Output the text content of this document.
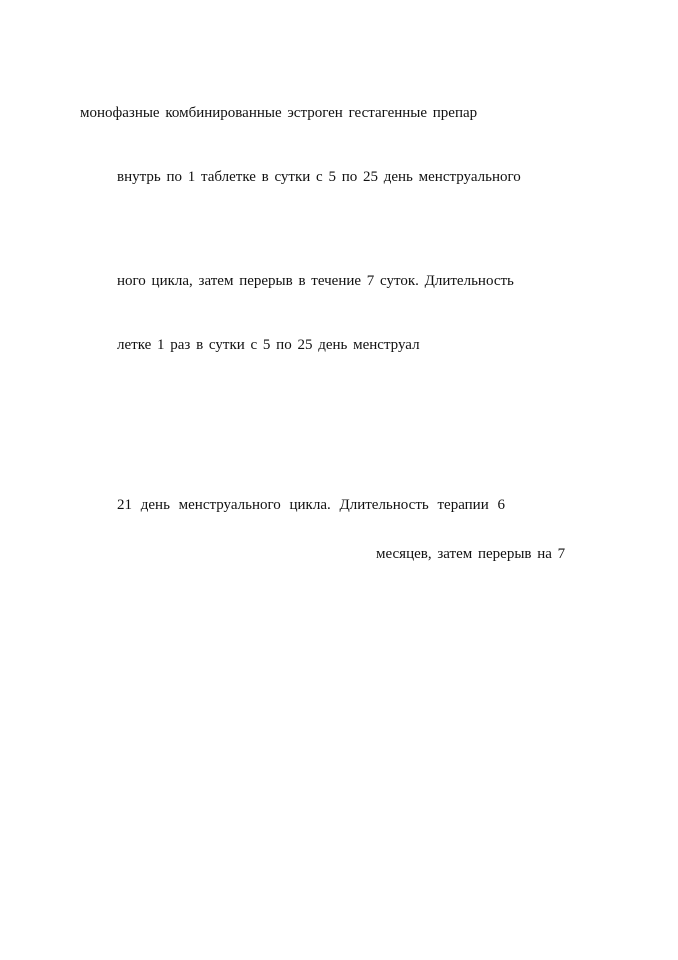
монофазные комбинированные эстроген гестагенные препар
внутрь по 1 таблетке в сутки с 5 по 25 день менструального
ного цикла, затем перерыв в течение 7 суток. Длительность
летке 1 раз в сутки с 5 по 25 день менструал
21 день менструального цикла. Длительность терапии 6
месяцев, затем перерыв на 7
